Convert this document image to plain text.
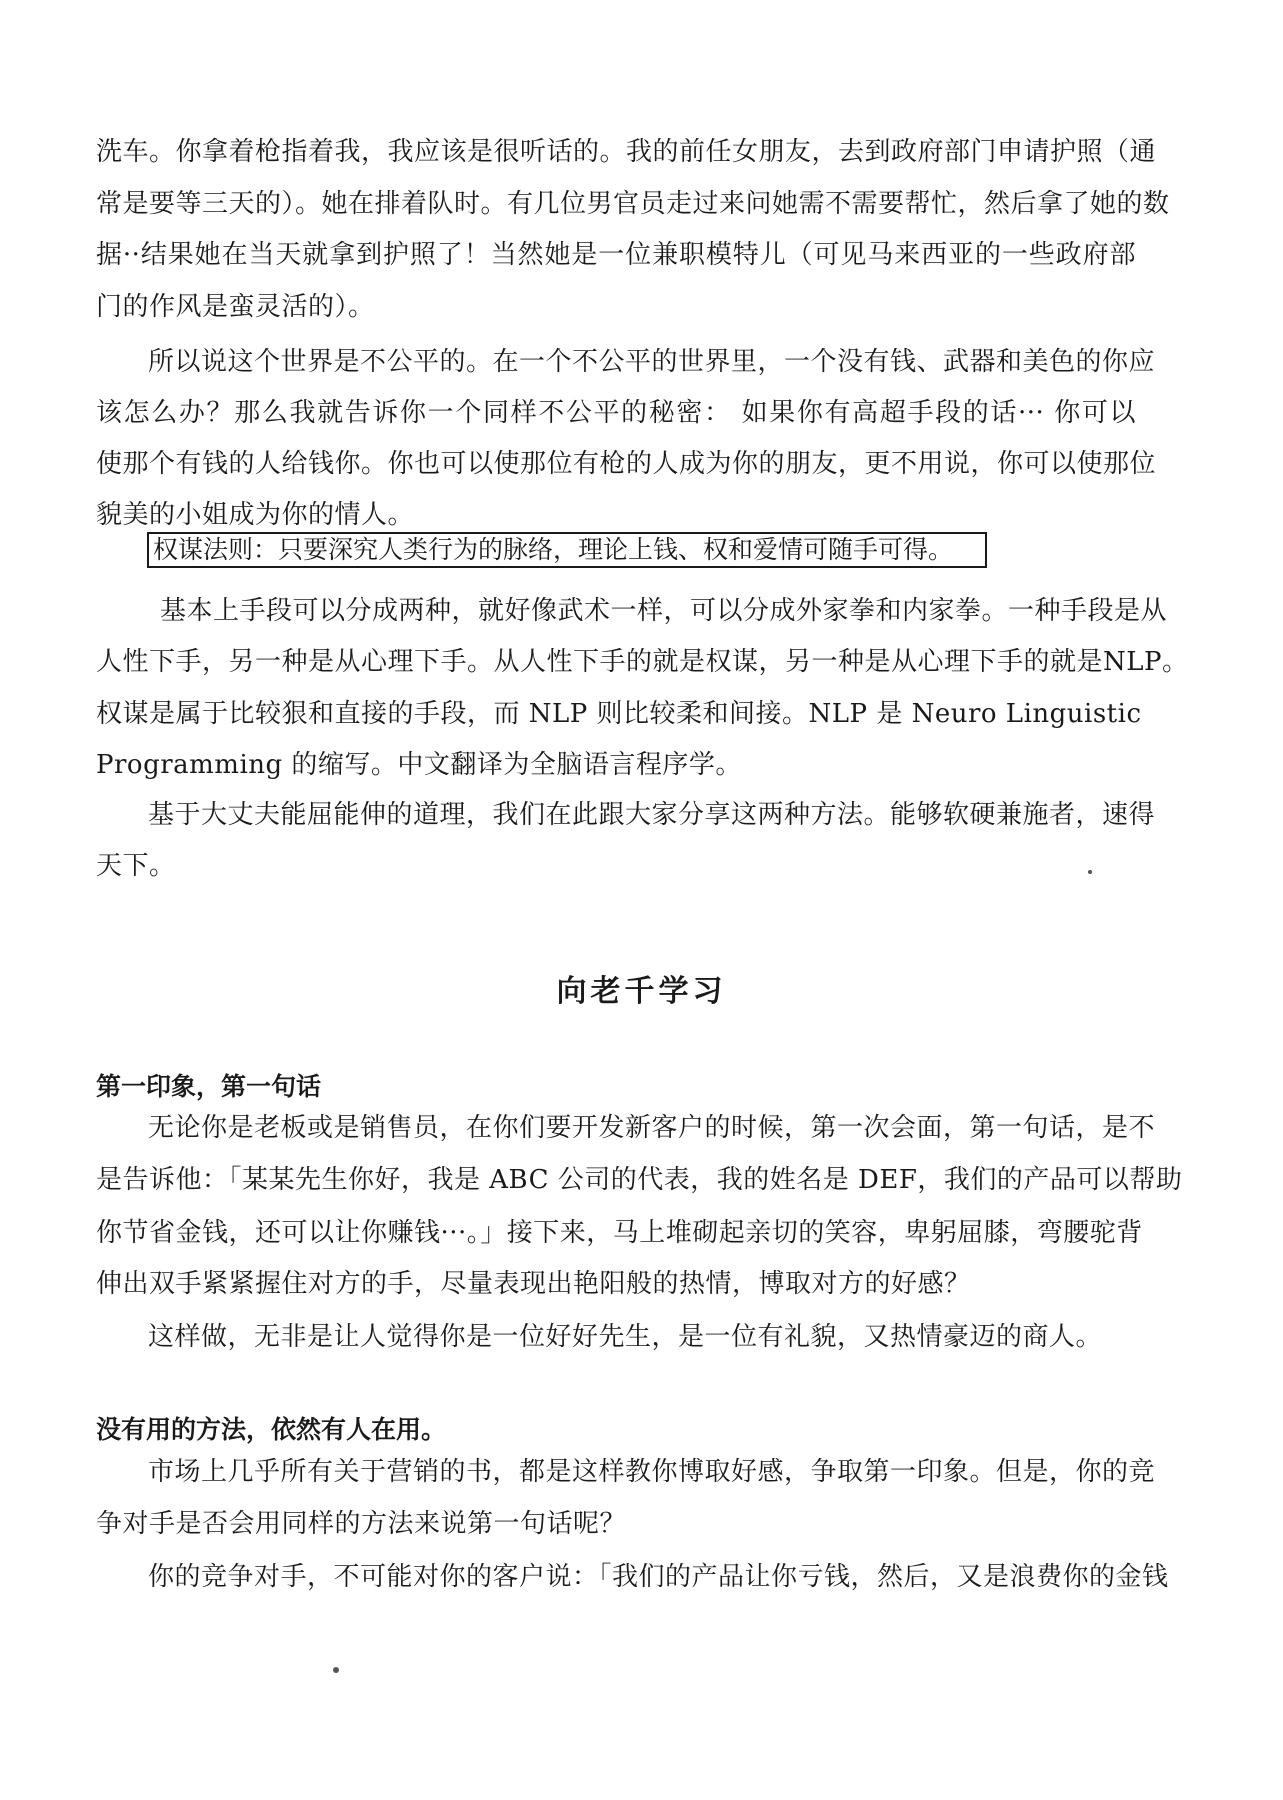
洗车。你拿着枪指着我，我应该是很听话的。我的前任女朋友，去到政府部门申请护照（通
常是要等三天的）。她在排着队时。有几位男官员走过来问她需不需要帮忙，然后拿了她的数
据··结果她在当天就拿到护照了！当然她是一位兼职模特儿（可见马来西亚的一些政府部
门的作风是蛮灵活的）。
所以说这个世界是不公平的。在一个不公平的世界里，一个没有钱、武器和美色的你应
该怎么办？那么我就告诉你一个同样不公平的秘密： 如果你有高超手段的话··· 你可以
使那个有钱的人给钱你。你也可以使那位有枪的人成为你的朋友，更不用说，你可以使那位
貌美的小姐成为你的情人。
权谋法则：只要深究人类行为的脉络，理论上钱、权和爱情可随手可得。
基本上手段可以分成两种，就好像武术一样，可以分成外家拳和内家拳。一种手段是从
人性下手，另一种是从心理下手。从人性下手的就是权谋，另一种是从心理下手的就是NLP。
权谋是属于比较狠和直接的手段，而 NLP 则比较柔和间接。NLP 是 Neuro Linguistic
Programming 的缩写。中文翻译为全脑语言程序学。
基于大丈夫能屈能伸的道理，我们在此跟大家分享这两种方法。能够软硬兼施者，速得
天下。
向老千学习
第一印象，第一句话
无论你是老板或是销售员，在你们要开发新客户的时候，第一次会面，第一句话，是不
是告诉他：「某某先生你好，我是 ABC 公司的代表，我的姓名是 DEF，我们的产品可以帮助
你节省金钱，还可以让你赚钱···。」接下来，马上堆砌起亲切的笑容，卑躬屈膝，弯腰驼背
伸出双手紧紧握住对方的手，尽量表现出艳阳般的热情，博取对方的好感？
这样做，无非是让人觉得你是一位好好先生，是一位有礼貌，又热情豪迈的商人。
没有用的方法，依然有人在用。
市场上几乎所有关于营销的书，都是这样教你博取好感，争取第一印象。但是，你的竞
争对手是否会用同样的方法来说第一句话呢？
你的竞争对手，不可能对你的客户说：「我们的产品让你亏钱，然后，又是浪费你的金钱
